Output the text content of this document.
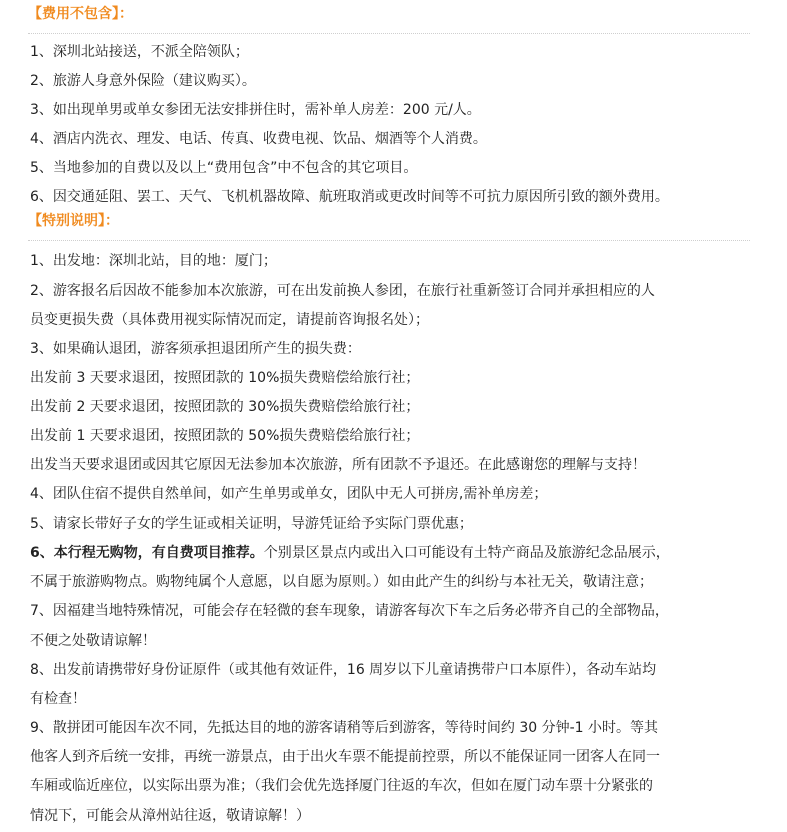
【费用不包含】：
1、深圳北站接送，不派全陪领队；
2、旅游人身意外保险（建议购买）。
3、如出现单男或单女参团无法安排拼住时，需补单人房差：200 元/人。
4、酒店内洗衣、理发、电话、传真、收费电视、饮品、烟酒等个人消费。
5、当地参加的自费以及以上“费用包含”中不包含的其它项目。
6、因交通延阻、罢工、天气、飞机机器故障、航班取消或更改时间等不可抗力原因所引致的额外费用。
【特别说明】：
1、出发地：深圳北站，目的地：厦门；
2、游客报名后因故不能参加本次旅游，可在出发前换人参团，在旅行社重新签订合同并承担相应的人
员变更损失费（具体费用视实际情况而定，请提前咨询报名处）；
3、如果确认退团，游客须承担退团所产生的损失费：
出发前 3 天要求退团，按照团款的 10%损失费赔偿给旅行社；
出发前 2 天要求退团，按照团款的 30%损失费赔偿给旅行社；
出发前 1 天要求退团，按照团款的 50%损失费赔偿给旅行社；
出发当天要求退团或因其它原因无法参加本次旅游，所有团款不予退还。在此感谢您的理解与支持！
4、团队住宿不提供自然单间，如产生单男或单女，团队中无人可拼房,需补单房差；
5、请家长带好子女的学生证或相关证明，导游凭证给予实际门票优惠；
6、本行程无购物，有自费项目推荐。个别景区景点内或出入口可能设有土特产商品及旅游纪念品展示，
不属于旅游购物点。购物纯属个人意愿，以自愿为原则。）如由此产生的纠纷与本社无关，敬请注意；
7、因福建当地特殊情况，可能会存在轻微的套车现象，请游客每次下车之后务必带齐自己的全部物品，
不便之处敬请谅解！
8、出发前请携带好身份证原件（或其他有效证件，16 周岁以下儿童请携带户口本原件），各动车站均
有检查！
9、散拼团可能因车次不同，先抵达目的地的游客请稍等后到游客，等待时间约 30 分钟-1 小时。等其
他客人到齐后统一安排，再统一游景点，由于出火车票不能提前控票，所以不能保证同一团客人在同一
车厢或临近座位，以实际出票为准；（我们会优先选择厦门往返的车次，但如在厦门动车票十分紧张的
情况下，可能会从漳州站往返，敬请谅解！）
